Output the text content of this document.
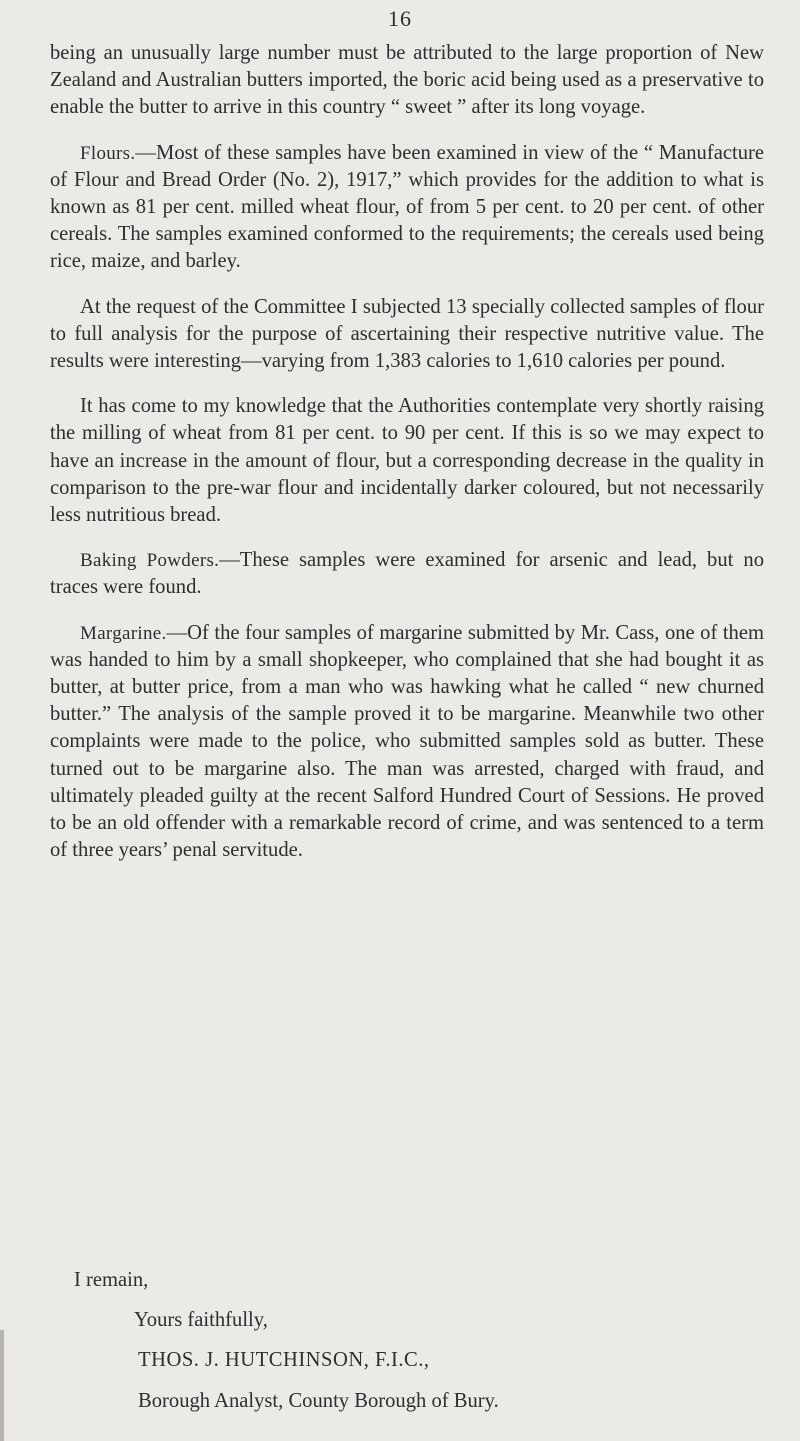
16

being an unusually large number must be attributed to the large proportion of New Zealand and Australian butters imported, the boric acid being used as a preservative to enable the butter to arrive in this country “ sweet ” after its long voyage.

Flours.—Most of these samples have been examined in view of the “ Manufacture of Flour and Bread Order (No. 2), 1917,” which provides for the addition to what is known as 81 per cent. milled wheat flour, of from 5 per cent. to 20 per cent. of other cereals. The samples examined conformed to the requirements; the cereals used being rice, maize, and barley.

At the request of the Committee I subjected 13 specially collected samples of flour to full analysis for the purpose of ascertaining their respective nutritive value. The results were interesting—varying from 1,383 calories to 1,610 calories per pound.

It has come to my knowledge that the Authorities contemplate very shortly raising the milling of wheat from 81 per cent. to 90 per cent. If this is so we may expect to have an increase in the amount of flour, but a corresponding decrease in the quality in comparison to the pre-war flour and incidentally darker coloured, but not necessarily less nutritious bread.

Baking Powders.—These samples were examined for arsenic and lead, but no traces were found.

Margarine.—Of the four samples of margarine submitted by Mr. Cass, one of them was handed to him by a small shopkeeper, who complained that she had bought it as butter, at butter price, from a man who was hawking what he called “ new churned butter.” The analysis of the sample proved it to be margarine. Meanwhile two other complaints were made to the police, who submitted samples sold as butter. These turned out to be margarine also. The man was arrested, charged with fraud, and ultimately pleaded guilty at the recent Salford Hundred Court of Sessions. He proved to be an old offender with a remarkable record of crime, and was sentenced to a term of three years’ penal servitude.

I remain,
Yours faithfully,
THOS. J. HUTCHINSON, F.I.C.,
Borough Analyst, County Borough of Bury.
